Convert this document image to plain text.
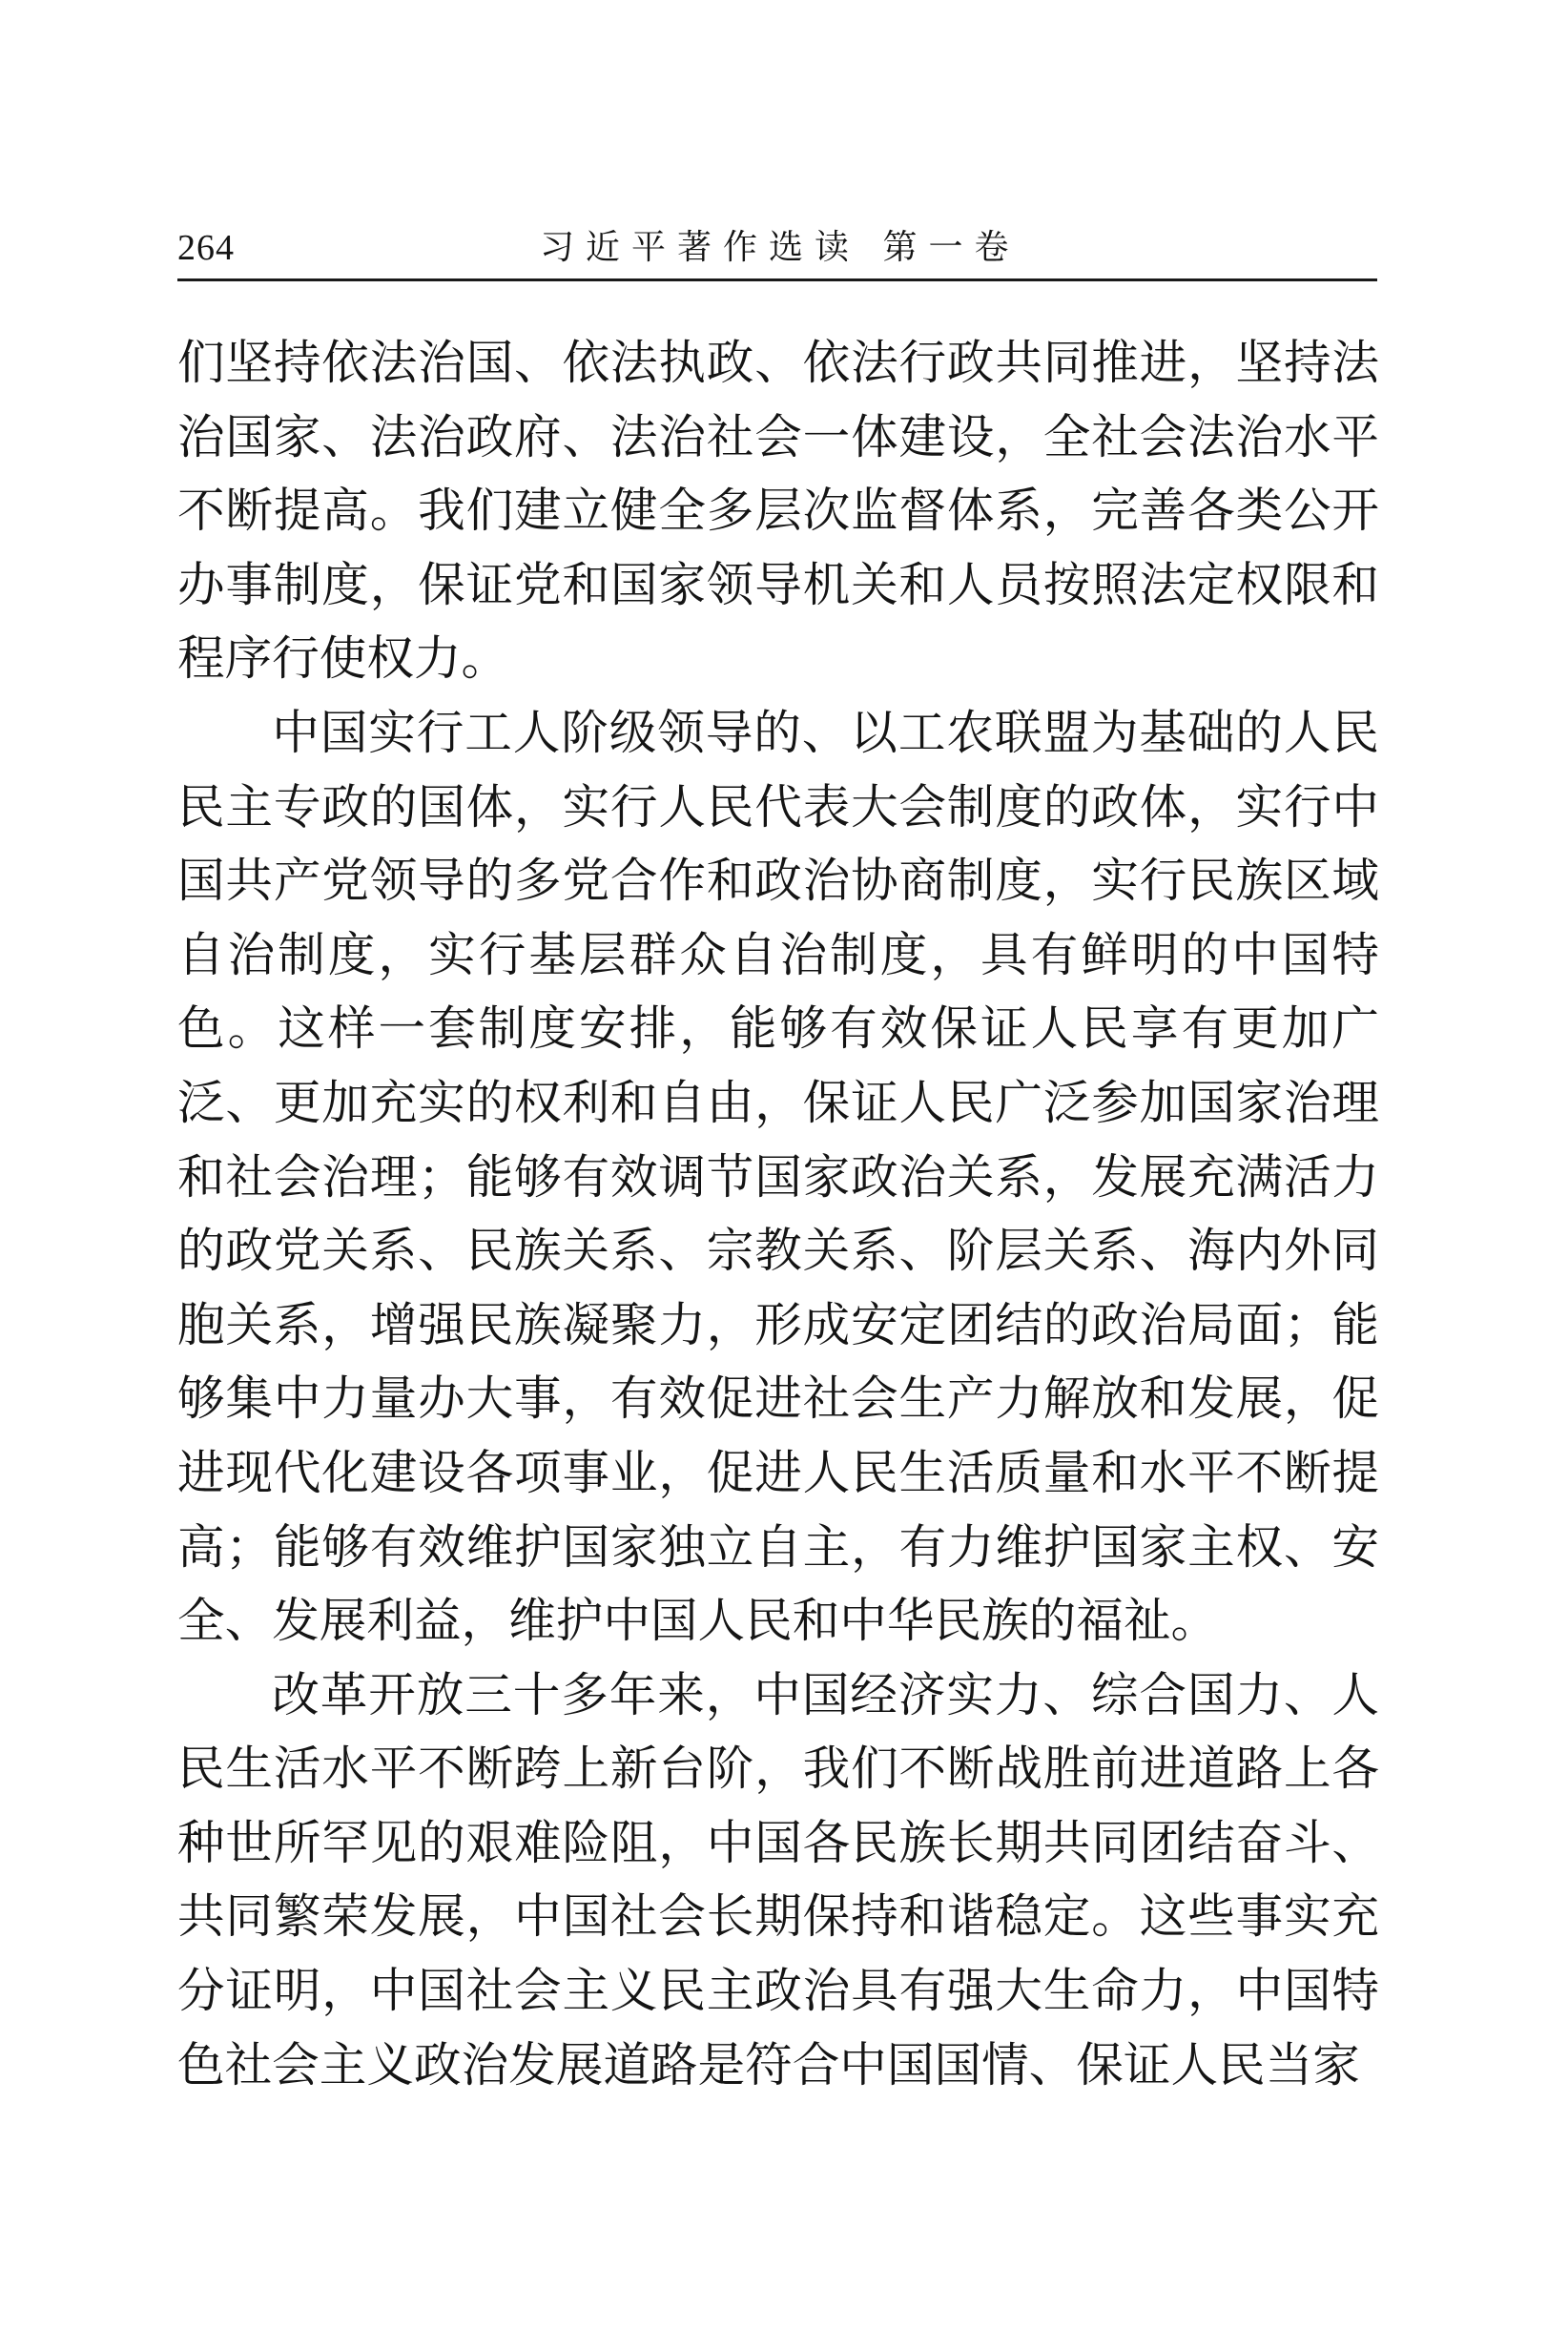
264	习近平著作选读 第一卷

们坚持依法治国、依法执政、依法行政共同推进，坚持法治国家、法治政府、法治社会一体建设，全社会法治水平不断提高。我们建立健全多层次监督体系，完善各类公开办事制度，保证党和国家领导机关和人员按照法定权限和程序行使权力。

中国实行工人阶级领导的、以工农联盟为基础的人民民主专政的国体，实行人民代表大会制度的政体，实行中国共产党领导的多党合作和政治协商制度，实行民族区域自治制度，实行基层群众自治制度，具有鲜明的中国特色。这样一套制度安排，能够有效保证人民享有更加广泛、更加充实的权利和自由，保证人民广泛参加国家治理和社会治理；能够有效调节国家政治关系，发展充满活力的政党关系、民族关系、宗教关系、阶层关系、海内外同胞关系，增强民族凝聚力，形成安定团结的政治局面；能够集中力量办大事，有效促进社会生产力解放和发展，促进现代化建设各项事业，促进人民生活质量和水平不断提高；能够有效维护国家独立自主，有力维护国家主权、安全、发展利益，维护中国人民和中华民族的福祉。

改革开放三十多年来，中国经济实力、综合国力、人民生活水平不断跨上新台阶，我们不断战胜前进道路上各种世所罕见的艰难险阻，中国各民族长期共同团结奋斗、共同繁荣发展，中国社会长期保持和谐稳定。这些事实充分证明，中国社会主义民主政治具有强大生命力，中国特色社会主义政治发展道路是符合中国国情、保证人民当家
